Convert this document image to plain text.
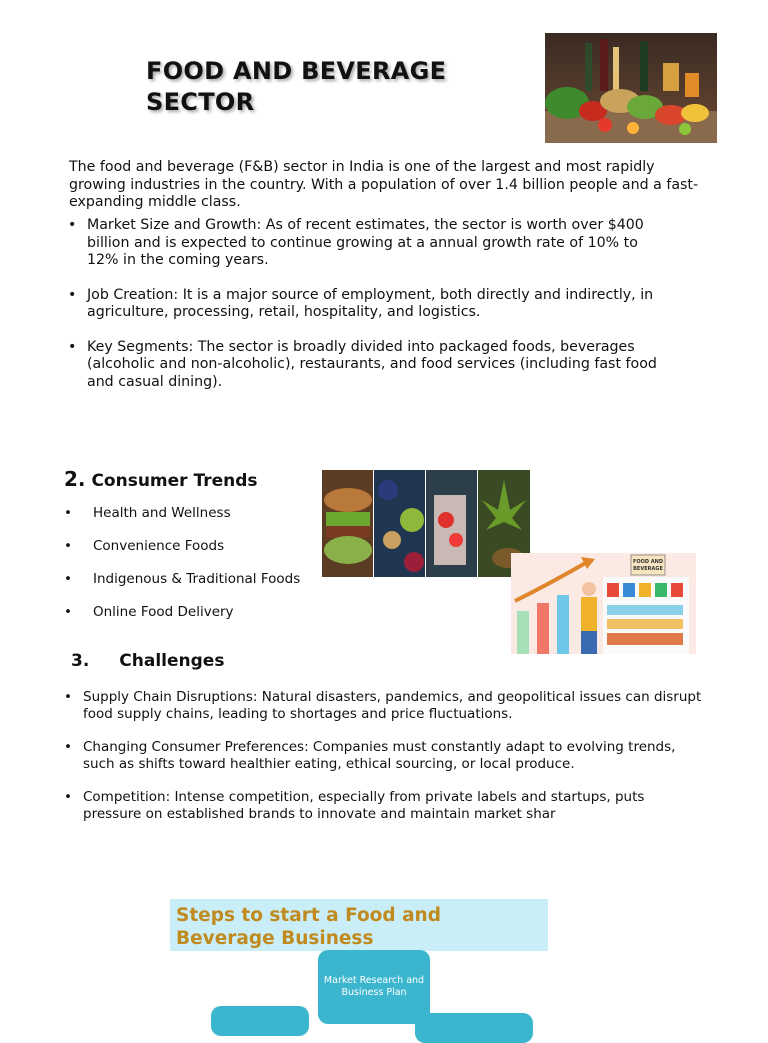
FOOD AND BEVERAGE SECTOR

The food and beverage (F&B) sector in India is one of the largest and most rapidly growing industries in the country. With a population of over 1.4 billion people and a fast-expanding middle class.

• Market Size and Growth: As of recent estimates, the sector is worth over $400 billion and is expected to continue growing at a annual growth rate of 10% to 12% in the coming years.
• Job Creation: It is a major source of employment, both directly and indirectly, in agriculture, processing, retail, hospitality, and logistics.
• Key Segments: The sector is broadly divided into packaged foods, beverages (alcoholic and non-alcoholic), restaurants, and food services (including fast food and casual dining).
2. Consumer Trends
• Health and Wellness
• Convenience Foods
• Indigenous & Traditional Foods
• Online Food Delivery
FOOD AND
BEVERAGE
3. Challenges
• Supply Chain Disruptions: Natural disasters, pandemics, and geopolitical issues can disrupt food supply chains, leading to shortages and price fluctuations.
• Changing Consumer Preferences: Companies must constantly adapt to evolving trends, such as shifts toward healthier eating, ethical sourcing, or local produce.
• Competition: Intense competition, especially from private labels and startups, puts pressure on established brands to innovate and maintain market shar

Steps to start a Food and Beverage Business

Market Research and Business Plan
